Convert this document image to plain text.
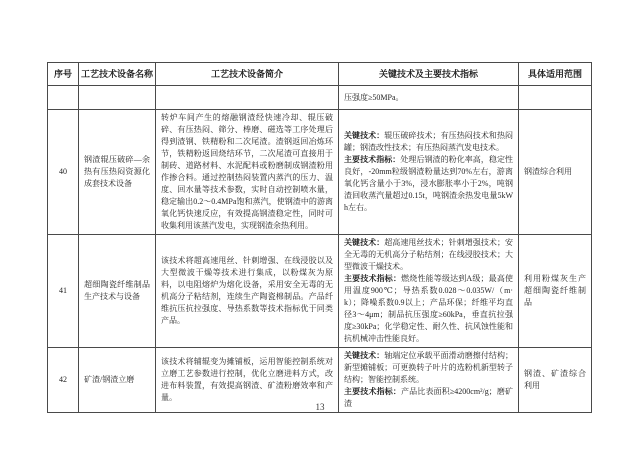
序号	工艺技术设备名称	工艺技术设备简介	关键技术及主要技术指标	具体适用范围
			压强度≥50MPa。	
40	钢渣辊压破碎—余热有压热闷资源化成套技术设备	转炉车间产生的熔融钢渣经快速冷却、辊压破碎、有压热闷、筛分、棒磨、磁选等工序处理后得到渣钢、铁精粉和二次尾渣。渣钢返回冶炼环节，铁精粉返回烧结环节，二次尾渣可直接用于制砖、道路材料、水泥配料或粉磨制成钢渣粉用作掺合料。通过控制热闷装置内蒸汽的压力、温度、回水量等技术参数，实时自动控制喷水量，稳定输出0.2～0.4MPa饱和蒸汽，使钢渣中的游离氧化钙快速反应，有效提高钢渣稳定性，同时可收集利用该蒸汽发电，实现钢渣余热利用。	关键技术：辊压破碎技术；有压热闷技术和热闷罐；钢渣改性技术；有压热闷蒸汽发电技术。

主要技术指标：处理后钢渣的粉化率高，稳定性良好，-20mm粒级钢渣粉量达到70%左右，游离氧化钙含量小于3%，浸水膨胀率小于2%，吨钢渣回收蒸汽量超过0.15t，吨钢渣余热发电量5kWh左右。	钢渣综合利用
41	超细陶瓷纤维制品生产技术与设备	该技术将超高速甩丝、针刺增强、在线浸胶以及大型微波干燥等技术进行集成，以粉煤灰为原料，以电阻熔炉为熔化设备，采用安全无毒的无机高分子粘结剂，连续生产陶瓷棉制品。产品纤维抗压抗拉强度、导热系数等技术指标优于同类产品。	关键技术：超高速甩丝技术；针刺增强技术；安全无毒的无机高分子粘结剂；在线浸胶技术；大型微波干燥技术。

主要技术指标：燃烧性能等级达到A级；最高使用温度900℃；导热系数0.028～0.035W/（m·k）；降噪系数0.9以上；产品环保；纤维平均直径3～4μm；制品抗压强度≥60kPa，垂直抗拉强度≥30kPa；化学稳定性、耐久性、抗风蚀性能和抗机械冲击性能良好。	利用粉煤灰生产超细陶瓷纤维制品
42	矿渣/钢渣立磨	该技术将辅辊变为摊铺板，运用智能控制系统对立磨工艺参数进行控制，优化立磨进料方式，改进布料装置，有效提高钢渣、矿渣粉磨效率和产量。	关键技术：轴端定位承载平面滑动磨擦付结构；新型摊铺板；可更换转子叶片的选粉机新型转子结构；智能控制系统。

主要技术指标：产品比表面积≥4200cm²/g；磨矿渣	钢渣、矿渣综合利用
13
